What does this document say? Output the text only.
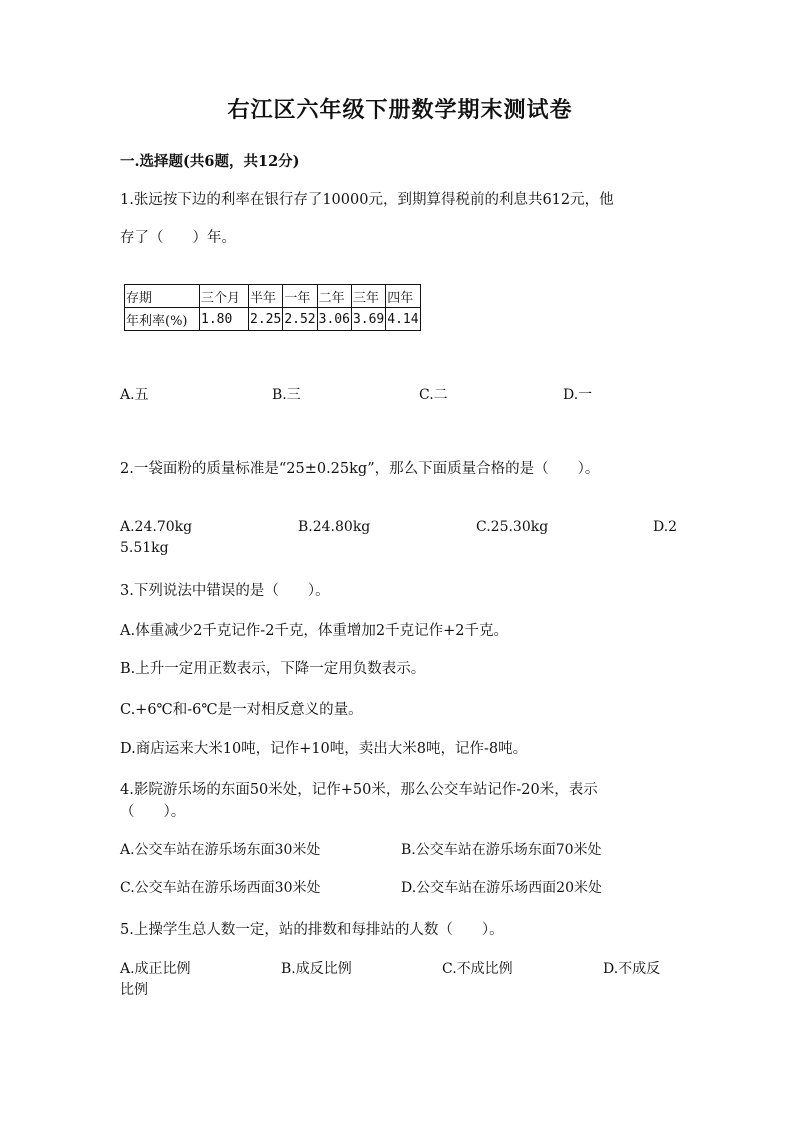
右江区六年级下册数学期末测试卷
一.选择题(共6题，共12分)
1.张远按下边的利率在银行存了10000元，到期算得税前的利息共612元，他
存了（　　）年。
存期	三个月	半年	一年	二年	三年	四年
年利率(%)	1.80	2.25	2.52	3.06	3.69	4.14
A.五	B.三	C.二	D.一
2.一袋面粉的质量标准是“25±0.25kg”，那么下面质量合格的是（　　）。
A.24.70kg	B.24.80kg	C.25.30kg	D.2
5.51kg
3.下列说法中错误的是（　　）。
A.体重减少2千克记作-2千克，体重增加2千克记作+2千克。
B.上升一定用正数表示，下降一定用负数表示。
C.+6℃和-6℃是一对相反意义的量。
D.商店运来大米10吨，记作+10吨，卖出大米8吨，记作-8吨。
4.影院游乐场的东面50米处，记作+50米，那么公交车站记作-20米，表示
（　　）。
A.公交车站在游乐场东面30米处	B.公交车站在游乐场东面70米处
C.公交车站在游乐场西面30米处	D.公交车站在游乐场西面20米处
5.上操学生总人数一定，站的排数和每排站的人数（　　）。
A.成正比例	B.成反比例	C.不成比例	D.不成反
比例
